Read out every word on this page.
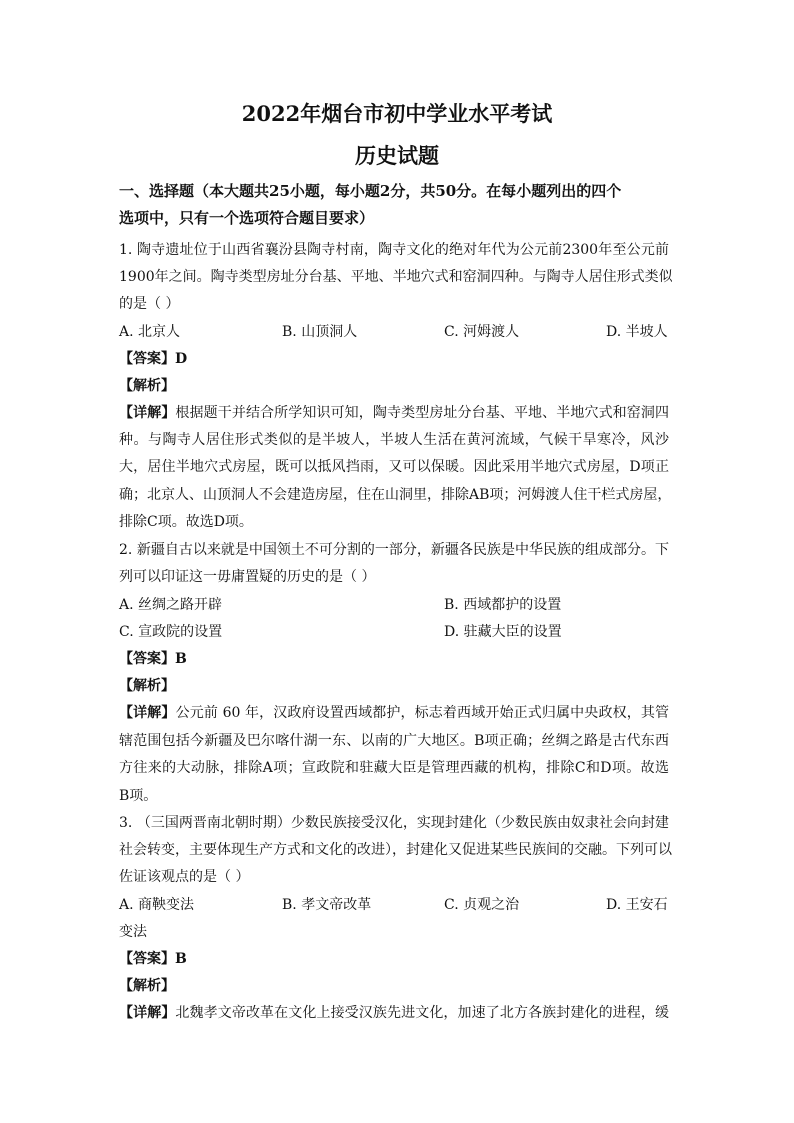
2022年烟台市初中学业水平考试
历史试题
一、选择题（本大题共25小题，每小题2分，共50分。在每小题列出的四个
选项中，只有一个选项符合题目要求）
1. 陶寺遗址位于山西省襄汾县陶寺村南，陶寺文化的绝对年代为公元前2300年至公元前
1900年之间。陶寺类型房址分台基、平地、半地穴式和窑洞四种。与陶寺人居住形式类似
的是（ ）
A. 北京人	B. 山顶洞人	C. 河姆渡人	D. 半坡人
【答案】D
【解析】
【详解】根据题干并结合所学知识可知，陶寺类型房址分台基、平地、半地穴式和窑洞四
种。与陶寺人居住形式类似的是半坡人，半坡人生活在黄河流域，气候干旱寒冷，风沙
大，居住半地穴式房屋，既可以抵风挡雨，又可以保暖。因此采用半地穴式房屋，D项正
确；北京人、山顶洞人不会建造房屋，住在山洞里，排除AB项；河姆渡人住干栏式房屋，
排除C项。故选D项。
2. 新疆自古以来就是中国领土不可分割的一部分，新疆各民族是中华民族的组成部分。下
列可以印证这一毋庸置疑的历史的是（ ）
A. 丝绸之路开辟	B. 西域都护的设置
C. 宣政院的设置	D. 驻藏大臣的设置
【答案】B
【解析】
【详解】公元前 60 年，汉政府设置西域都护，标志着西域开始正式归属中央政权，其管
辖范围包括今新疆及巴尔喀什湖一东、以南的广大地区。B项正确；丝绸之路是古代东西
方往来的大动脉，排除A项；宣政院和驻藏大臣是管理西藏的机构，排除C和D项。故选
B项。
3. （三国两晋南北朝时期）少数民族接受汉化，实现封建化（少数民族由奴隶社会向封建
社会转变，主要体现生产方式和文化的改进），封建化又促进某些民族间的交融。下列可以
佐证该观点的是（ ）
A. 商鞅变法	B. 孝文帝改革	C. 贞观之治	D. 王安石
变法
【答案】B
【解析】
【详解】北魏孝文帝改革在文化上接受汉族先进文化，加速了北方各族封建化的进程，缓
